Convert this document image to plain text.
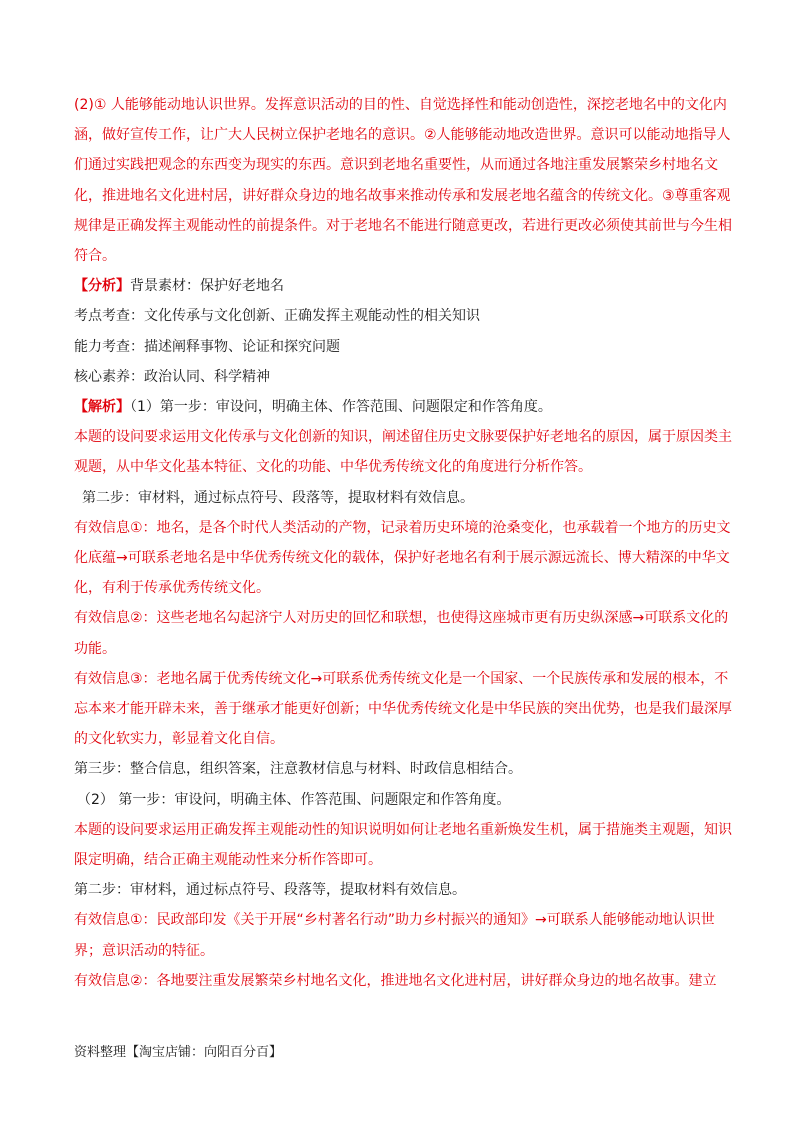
(2)① 人能够能动地认识世界。发挥意识活动的目的性、自觉选择性和能动创造性，深挖老地名中的文化内涵，做好宣传工作，让广大人民树立保护老地名的意识。②人能够能动地改造世界。意识可以能动地指导人们通过实践把观念的东西变为现实的东西。意识到老地名重要性，从而通过各地注重发展繁荣乡村地名文化，推进地名文化进村居，讲好群众身边的地名故事来推动传承和发展老地名蕴含的传统文化。③尊重客观规律是正确发挥主观能动性的前提条件。对于老地名不能进行随意更改，若进行更改必须使其前世与今生相符合。

【分析】背景素材：保护好老地名

考点考查：文化传承与文化创新、正确发挥主观能动性的相关知识

能力考查：描述阐释事物、论证和探究问题

核心素养：政治认同、科学精神

【解析】（1）第一步：审设问，明确主体、作答范围、问题限定和作答角度。

本题的设问要求运用文化传承与文化创新的知识，阐述留住历史文脉要保护好老地名的原因，属于原因类主观题，从中华文化基本特征、文化的功能、中华优秀传统文化的角度进行分析作答。

第二步：审材料，通过标点符号、段落等，提取材料有效信息。

有效信息①：地名，是各个时代人类活动的产物，记录着历史环境的沧桑变化，也承载着一个地方的历史文化底蕴→可联系老地名是中华优秀传统文化的载体，保护好老地名有利于展示源远流长、博大精深的中华文化，有利于传承优秀传统文化。

有效信息②：这些老地名勾起济宁人对历史的回忆和联想，也使得这座城市更有历史纵深感→可联系文化的功能。

有效信息③：老地名属于优秀传统文化→可联系优秀传统文化是一个国家、一个民族传承和发展的根本，不忘本来才能开辟未来，善于继承才能更好创新；中华优秀传统文化是中华民族的突出优势，也是我们最深厚的文化软实力，彰显着文化自信。

第三步：整合信息，组织答案，注意教材信息与材料、时政信息相结合。

（2） 第一步：审设问，明确主体、作答范围、问题限定和作答角度。

本题的设问要求运用正确发挥主观能动性的知识说明如何让老地名重新焕发生机，属于措施类主观题，知识限定明确，结合正确主观能动性来分析作答即可。

第二步：审材料，通过标点符号、段落等，提取材料有效信息。

有效信息①：民政部印发《关于开展“乡村著名行动”助力乡村振兴的通知》→可联系人能够能动地认识世界；意识活动的特征。

有效信息②：各地要注重发展繁荣乡村地名文化，推进地名文化进村居，讲好群众身边的地名故事。建立

资料整理【淘宝店铺：向阳百分百】
